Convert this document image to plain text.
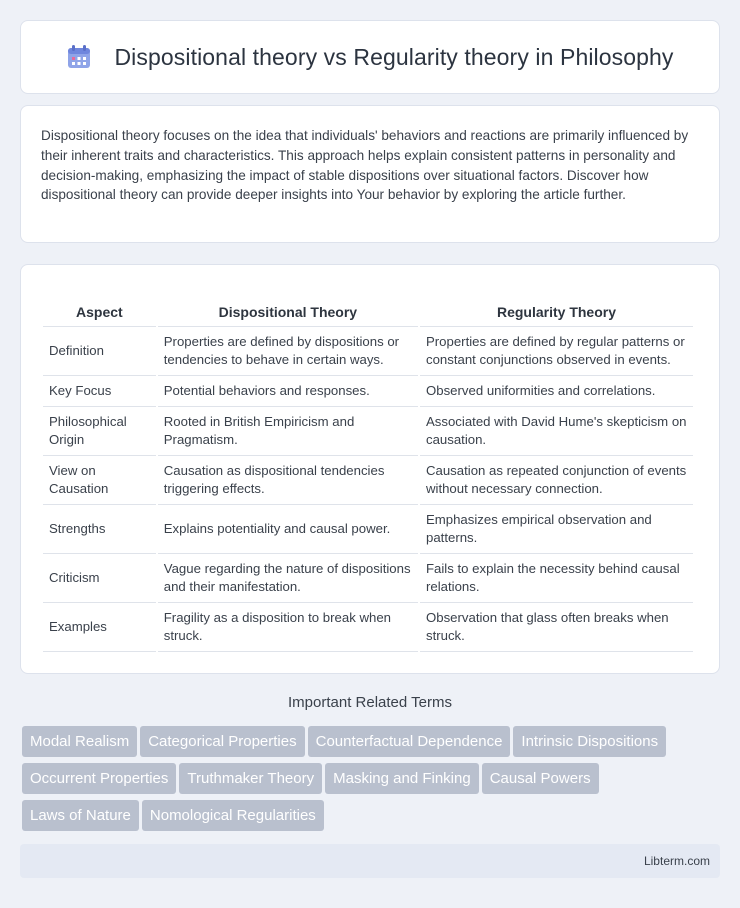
Dispositional theory vs Regularity theory in Philosophy

Dispositional theory focuses on the idea that individuals' behaviors and reactions are primarily influenced by their inherent traits and characteristics. This approach helps explain consistent patterns in personality and decision-making, emphasizing the impact of stable dispositions over situational factors. Discover how dispositional theory can provide deeper insights into Your behavior by exploring the article further.

Aspect	Dispositional Theory	Regularity Theory
Definition	Properties are defined by dispositions or tendencies to behave in certain ways.	Properties are defined by regular patterns or constant conjunctions observed in events.
Key Focus	Potential behaviors and responses.	Observed uniformities and correlations.
Philosophical Origin	Rooted in British Empiricism and Pragmatism.	Associated with David Hume's skepticism on causation.
View on Causation	Causation as dispositional tendencies triggering effects.	Causation as repeated conjunction of events without necessary connection.
Strengths	Explains potentiality and causal power.	Emphasizes empirical observation and patterns.
Criticism	Vague regarding the nature of dispositions and their manifestation.	Fails to explain the necessity behind causal relations.
Examples	Fragility as a disposition to break when struck.	Observation that glass often breaks when struck.
Important Related Terms
Modal Realism Categorical Properties Counterfactual Dependence Intrinsic Dispositions
Occurrent Properties Truthmaker Theory Masking and Finking Causal Powers
Laws of Nature Nomological Regularities
Libterm.com
